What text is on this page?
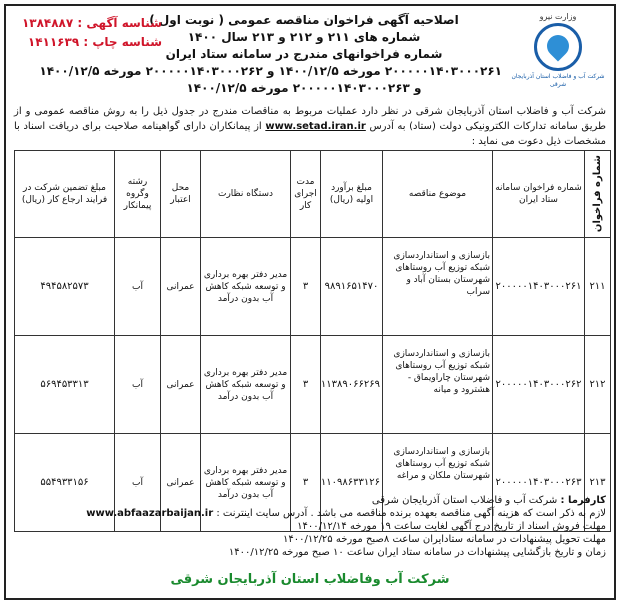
وزارت نیرو
شرکت آب و فاضلاب استان آذربایجان شرقی
اصلاحیه آگهی فراخوان مناقصه عمومی ( نوبت اول )
شماره های ۲۱۱ و ۲۱۲ و ۲۱۳ سال ۱۴۰۰
شماره فراخوانهای مندرج در سامانه ستاد ایران
۲۰۰۰۰۰۱۴۰۳۰۰۰۲۶۱ مورخه ۱۴۰۰/۱۲/۵ و ۲۰۰۰۰۰۱۴۰۳۰۰۰۲۶۲ مورخه ۱۴۰۰/۱۲/۵
و ۲۰۰۰۰۰۱۴۰۳۰۰۰۲۶۳ مورخه ۱۴۰۰/۱۲/۵
شناسه آگهی : ۱۳۸۴۸۸۷
شناسه چاپ : ۱۴۱۱۶۳۹
شرکت آب و فاضلاب استان آذربایجان شرقی در نظر دارد عملیات مربوط به مناقصات مندرج در جدول ذیل را به روش مناقصه عمومی و از طریق سامانه تدارکات الکترونیکی دولت (ستاد) به آدرس www.setad.iran.ir از پیمانکاران دارای گواهینامه صلاحیت برای دریافت اسناد با مشخصات ذیل دعوت می نماید :
شماره فراخوان	شماره فراخوان سامانه ستاد ایران	موضوع مناقصه	مبلغ برآورد اولیه (ریال)	مدت اجرای کار	دستگاه نظارت	محل اعتبار	رشته وگروه پیمانکار	مبلغ تضمین شرکت در فرایند ارجاع کار (ریال)
۲۱۱	۲۰۰۰۰۰۱۴۰۳۰۰۰۲۶۱	بازسازی و استانداردسازی شبکه توزیع آب روستاهای شهرستان بستان آباد و سراب	۹۸۹۱۶۵۱۴۷۰	۳	مدیر دفتر بهره برداری و توسعه شبکه کاهش آب بدون درآمد	عمرانی	آب	۴۹۴۵۸۲۵۷۳
۲۱۲	۲۰۰۰۰۰۱۴۰۳۰۰۰۲۶۲	بازسازی و استانداردسازی شبکه توزیع آب روستاهای شهرستان چاراویماق - هشترود و میانه	۱۱۳۸۹۰۶۶۲۶۹	۳	مدیر دفتر بهره برداری و توسعه شبکه کاهش آب بدون درآمد	عمرانی	آب	۵۶۹۴۵۳۳۱۳
۲۱۳	۲۰۰۰۰۰۱۴۰۳۰۰۰۲۶۳	بازسازی و استانداردسازی شبکه توزیع آب روستاهای شهرستان ملکان و مراغه	۱۱۰۹۸۶۳۳۱۲۶	۳	مدیر دفتر بهره برداری و توسعه شبکه کاهش آب بدون درآمد	عمرانی	آب	۵۵۴۹۳۳۱۵۶
کارفرما : شرکت آب و فاضلاب استان آذربایجان شرقی
لازم به ذکر است که هزینه آگهی مناقصه بعهده برنده مناقصه می باشد . آدرس سایت اینترنت : www.abfaazarbaijan.ir
مهلت فروش اسناد از تاریخ درج آگهی لغایت ساعت ۱۹ مورخه ۱۴۰۰/۱۲/۱۴
مهلت تحویل پیشنهادات در سامانه ستادایران ساعت ۸صبح مورخه ۱۴۰۰/۱۲/۲۵
زمان و تاریخ بازگشایی پیشنهادات در سامانه ستاد ایران ساعت ۱۰ صبح مورخه ۱۴۰۰/۱۲/۲۵
شرکت آب وفاضلاب استان آذربایجان شرقی
